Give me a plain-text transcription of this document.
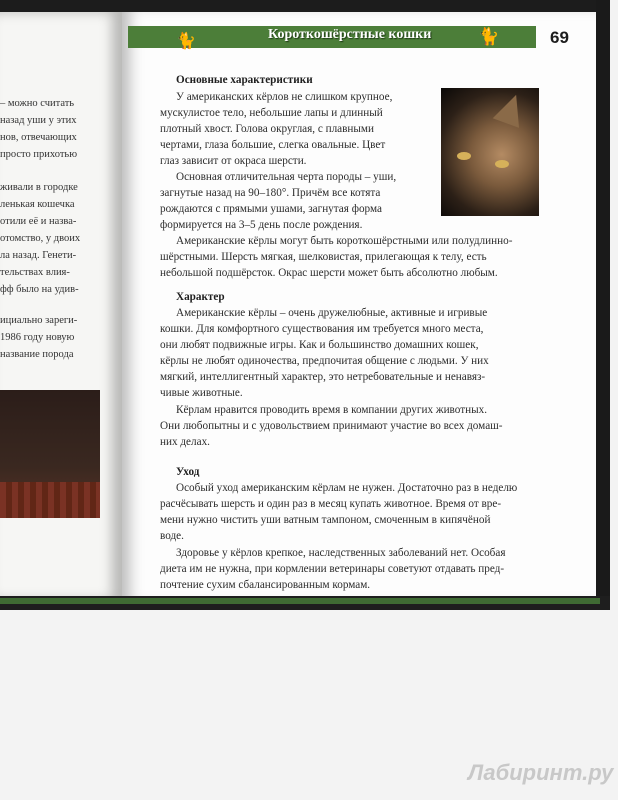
– можно считать
назад уши у этих
нов, отвечающих
просто прихотью
живали в городке
ленькая кошечка
отили её и назва-
отомство, у двоих
ла назад. Генети-
тельствах влия-
фф было на удив-
ициально зареги-
1986 году новую
название порода
🐈	Короткошёрстные кошки	🐈	69
Основные характеристики
У американских кёрлов не слишком крупное,
мускулистое тело, небольшие лапы и длинный
плотный хвост. Голова округлая, с плавными
чертами, глаза большие, слегка овальные. Цвет
глаз зависит от окраса шерсти.
Основная отличительная черта породы – уши,
загнутые назад на 90–180°. Причём все котята
рождаются с прямыми ушами, загнутая форма
формируется на 3–5 день после рождения.
Американские кёрлы могут быть короткошёрстными или полудлинно-
шёрстными. Шерсть мягкая, шелковистая, прилегающая к телу, есть
небольшой подшёрсток. Окрас шерсти может быть абсолютно любым.
Характер
Американские кёрлы – очень дружелюбные, активные и игривые
кошки. Для комфортного существования им требуется много места,
они любят подвижные игры. Как и большинство домашних кошек,
кёрлы не любят одиночества, предпочитая общение с людьми. У них
мягкий, интеллигентный характер, это нетребовательные и ненавяз-
чивые животные.
Кёрлам нравится проводить время в компании других животных.
Они любопытны и с удовольствием принимают участие во всех домаш-
них делах.
Уход
Особый уход американским кёрлам не нужен. Достаточно раз в неделю
расчёсывать шерсть и один раз в месяц купать животное. Время от вре-
мени нужно чистить уши ватным тампоном, смоченным в кипячёной
воде.
Здоровье у кёрлов крепкое, наследственных заболеваний нет. Особая
диета им не нужна, при кормлении ветеринары советуют отдавать пред-
почтение сухим сбалансированным кормам.
Лабиринт.ру
